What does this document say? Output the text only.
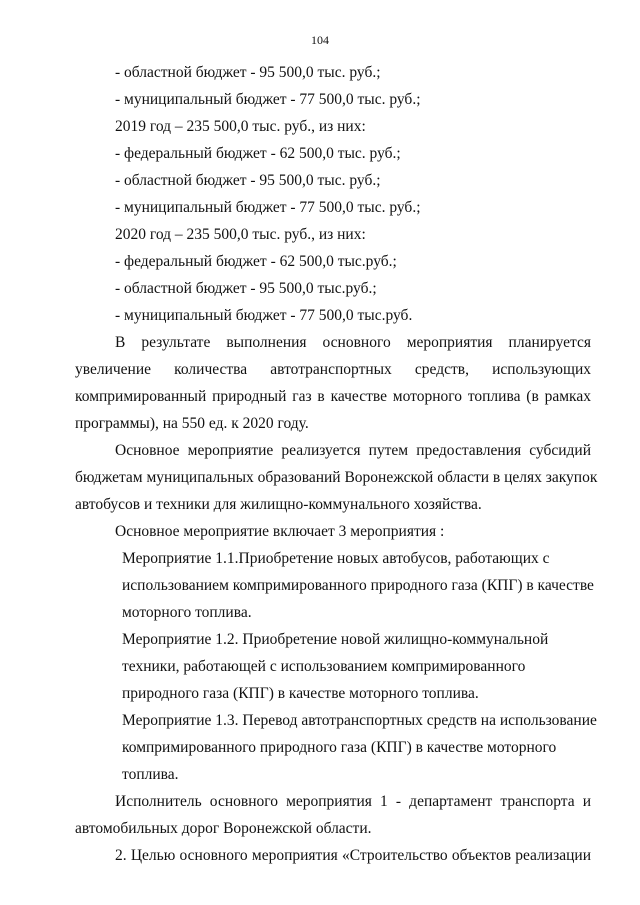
104

- областной бюджет - 95 500,0 тыс. руб.;

- муниципальный бюджет - 77 500,0 тыс. руб.;

2019 год – 235 500,0 тыс. руб., из них:

- федеральный бюджет - 62 500,0 тыс. руб.;

- областной бюджет - 95 500,0 тыс. руб.;

- муниципальный бюджет - 77 500,0 тыс. руб.;

2020 год – 235 500,0 тыс. руб., из них:

- федеральный бюджет - 62 500,0 тыс.руб.;

- областной бюджет - 95 500,0 тыс.руб.;

- муниципальный бюджет - 77 500,0 тыс.руб.

В результате выполнения основного мероприятия планируется

увеличение количества автотранспортных средств, использующих

компримированный природный газ в качестве моторного топлива (в рамках

программы), на 550 ед. к 2020 году.

Основное мероприятие реализуется путем предоставления субсидий

бюджетам муниципальных образований Воронежской области в целях закупок

автобусов и техники для жилищно-коммунального хозяйства.

Основное мероприятие включает 3 мероприятия :

Мероприятие 1.1.Приобретение новых автобусов, работающих с

использованием компримированного природного газа (КПГ) в качестве

моторного топлива.

Мероприятие 1.2. Приобретение новой жилищно-коммунальной

техники, работающей с использованием компримированного

природного газа (КПГ) в качестве моторного топлива.

Мероприятие 1.3. Перевод автотранспортных средств на использование

компримированного природного газа (КПГ) в качестве моторного

топлива.

Исполнитель основного мероприятия 1 - департамент транспорта и

автомобильных дорог Воронежской области.

2. Целью основного мероприятия «Строительство объектов реализации
